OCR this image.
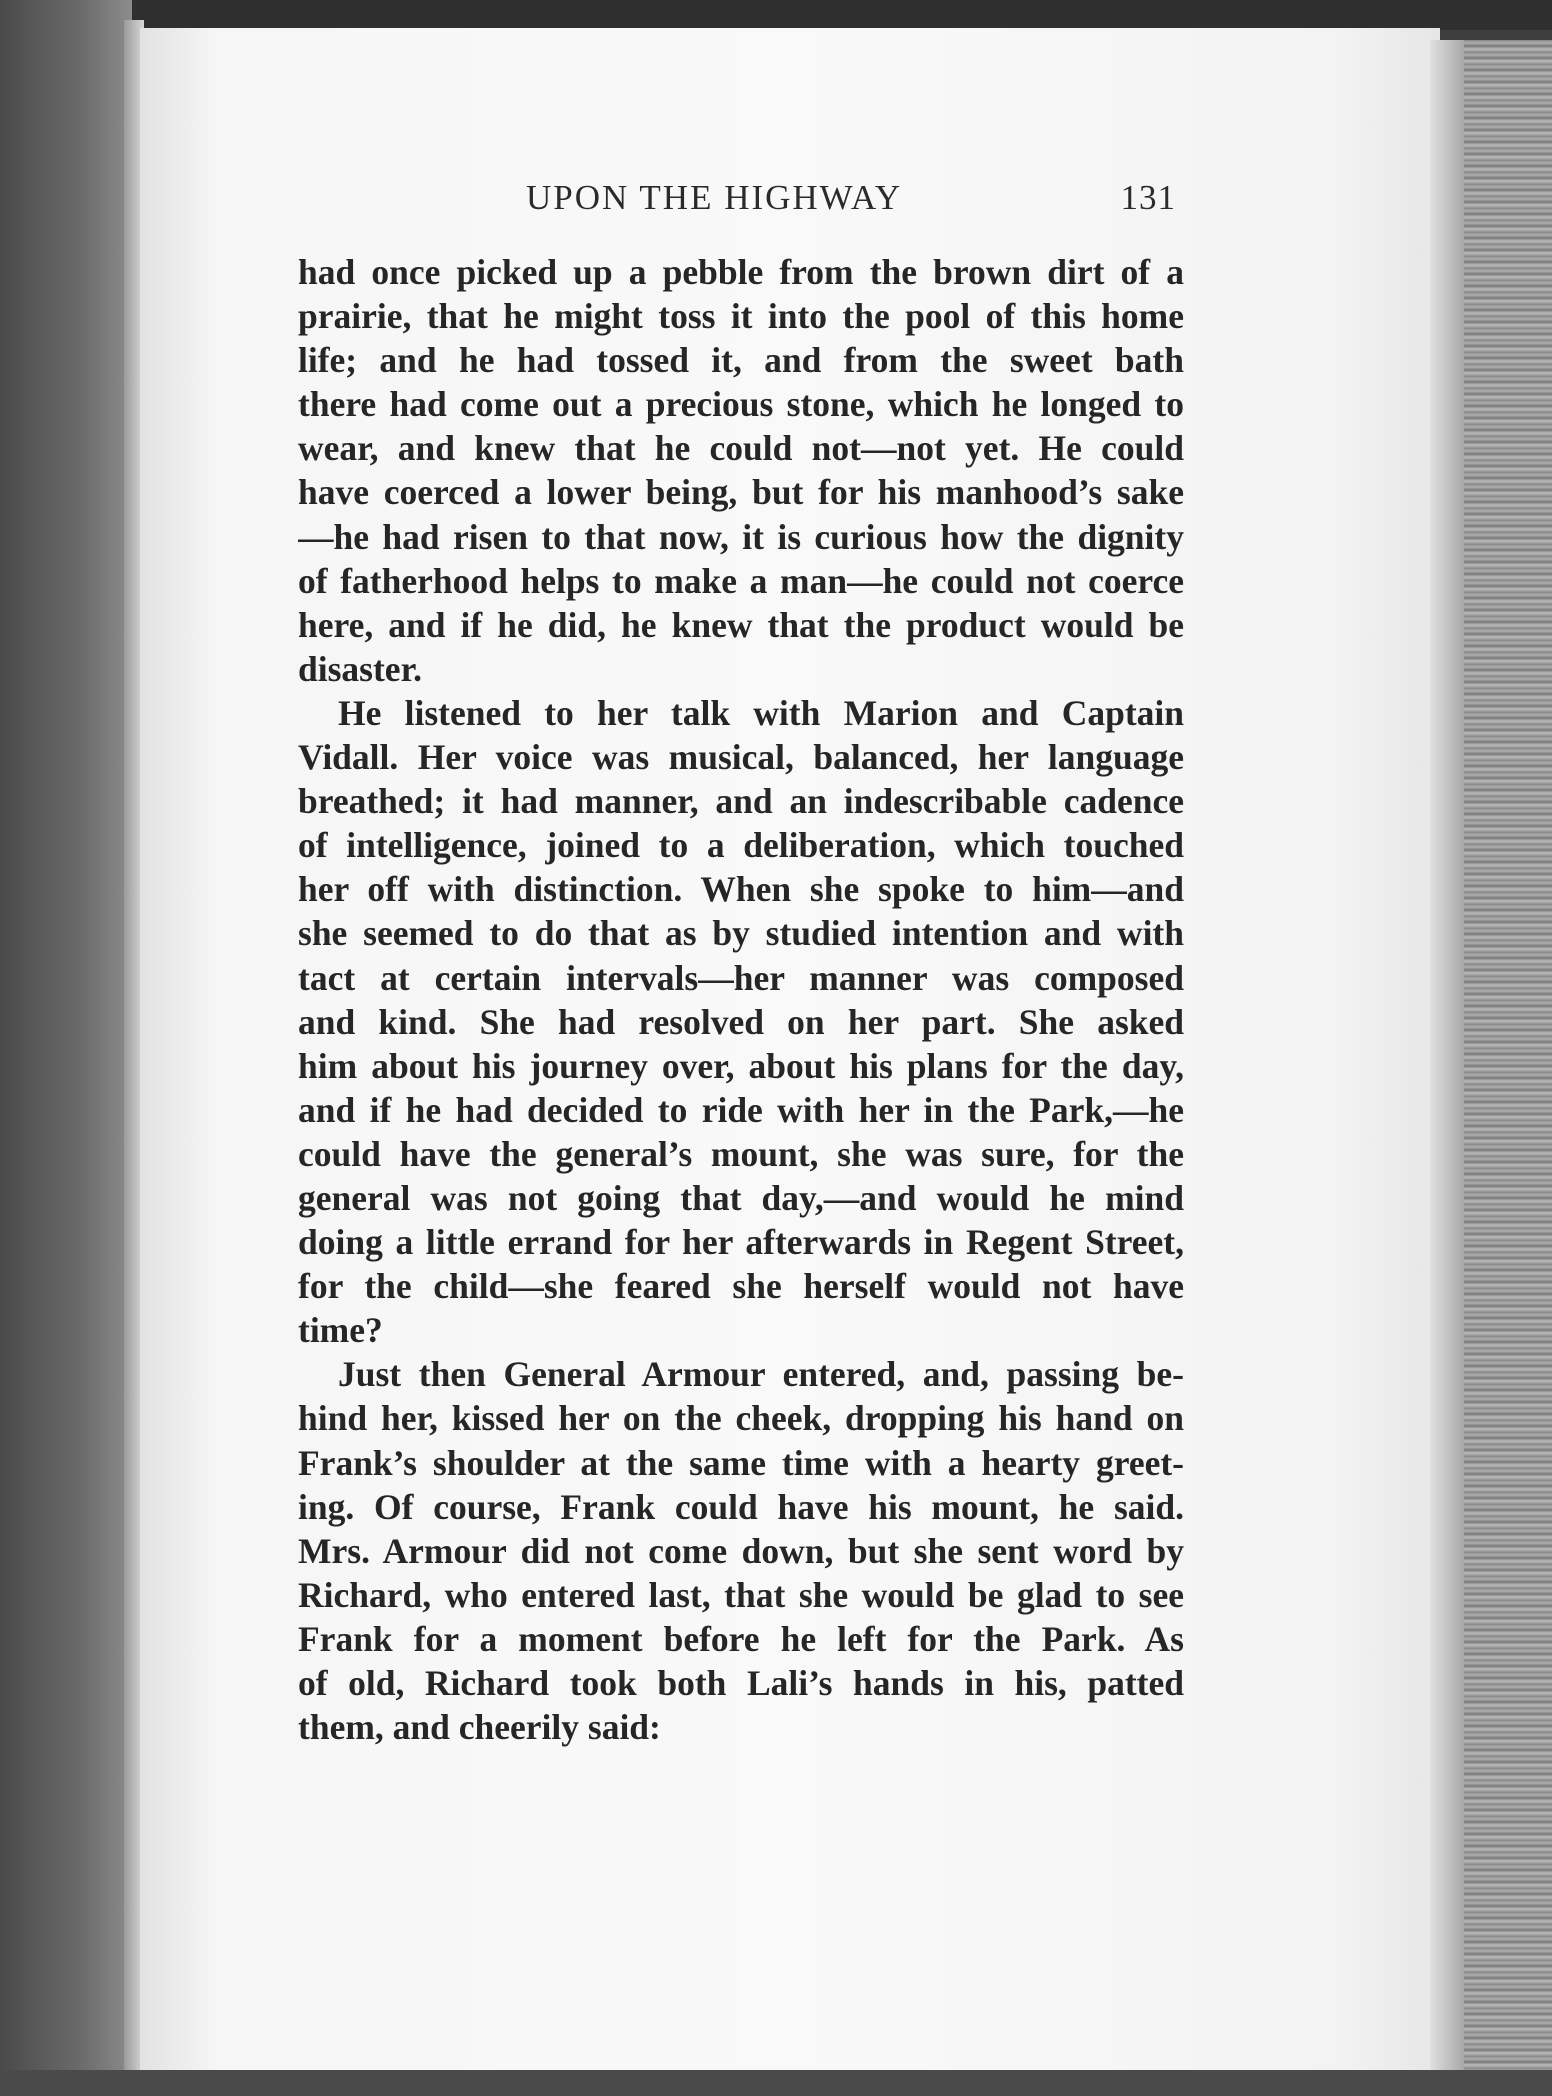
UPON THE HIGHWAY	131
had once picked up a pebble from the brown dirt of a
prairie, that he might toss it into the pool of this home
life; and he had tossed it, and from the sweet bath
there had come out a precious stone, which he longed to
wear, and knew that he could not—not yet. He could
have coerced a lower being, but for his manhood’s sake
—he had risen to that now, it is curious how the dignity
of fatherhood helps to make a man—he could not coerce
here, and if he did, he knew that the product would be
disaster.
He listened to her talk with Marion and Captain
Vidall. Her voice was musical, balanced, her language
breathed; it had manner, and an indescribable cadence
of intelligence, joined to a deliberation, which touched
her off with distinction. When she spoke to him—and
she seemed to do that as by studied intention and with
tact at certain intervals—her manner was composed
and kind. She had resolved on her part. She asked
him about his journey over, about his plans for the day,
and if he had decided to ride with her in the Park,—he
could have the general’s mount, she was sure, for the
general was not going that day,—and would he mind
doing a little errand for her afterwards in Regent Street,
for the child—she feared she herself would not have
time?
Just then General Armour entered, and, passing be-
hind her, kissed her on the cheek, dropping his hand on
Frank’s shoulder at the same time with a hearty greet-
ing. Of course, Frank could have his mount, he said.
Mrs. Armour did not come down, but she sent word by
Richard, who entered last, that she would be glad to see
Frank for a moment before he left for the Park. As
of old, Richard took both Lali’s hands in his, patted
them, and cheerily said:
